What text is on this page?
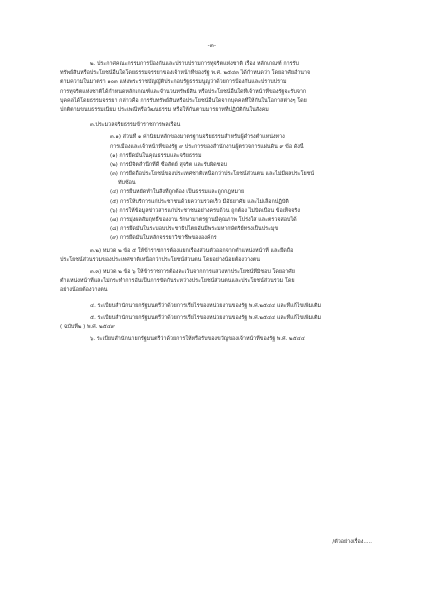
-๓-
๒. ประกาศคณะกรรมการป้องกันและปราบปรามการทุจริตแห่งชาติ เรื่อง หลักเกณฑ์ การรับ
ทรัพย์สินหรือประโยชน์อื่นใดโดยธรรมจรรยาของเจ้าหน้าที่ของรัฐ พ.ศ. ๒๕๔๓ ได้กำหนดว่า โดยอาศัยอำนาจ
ตามความในมาตรา ๑๐๓ แห่งพระราชบัญญัติประกอบรัฐธรรมนูญว่าด้วยการป้องกันและปราบปราม
การทุจริตแห่งชาติได้กำหนดหลักเกณฑ์และจำนวนทรัพย์สิน หรือประโยชน์อื่นใดที่เจ้าหน้าที่ของรัฐจะรับจาก
บุคคลได้โดยธรรมจรรยา กล่าวคือ การรับทรัพย์สินหรือประโยชน์อื่นใดจากบุคคลที่ให้กันในโอกาสต่างๆ โดย
ปกติตามขนบธรรมเนียม ประเพณีหรือวัฒนธรรม หรือให้กันตามมารยาทที่ปฏิบัติกันในสังคม
๓.ประมวลจริยธรรมข้าราชการพลเรือน
๓.๑) ส่วนที่ ๑ ค่านิยมหลักของมาตรฐานจริยธรรมสำหรับผู้ดำรงตำแหน่งทาง
การเมืองและเจ้าหน้าที่ของรัฐ ๙ ประการของสำนักงานผู้ตรวจการแผ่นดิน ๙ ข้อ ดังนี้
(๑) การยึดมั่นในคุณธรรมและจริยธรรม
(๒) การมีจิตสำนึกที่ดี ซื่อสัตย์ สุจริต และรับผิดชอบ
(๓) การยึดถือประโยชน์ของประเทศชาติเหนือกว่าประโยชน์ส่วนตน และไม่มีผลประโยชน์
ทับซ้อน
(๔) การยืนหยัดทำในสิ่งที่ถูกต้อง เป็นธรรมและถูกกฎหมาย
(๕) การให้บริการแก่ประชาชนด้วยความรวดเร็ว มีอัธยาศัย และไม่เลือกปฏิบัติ
(๖) การให้ข้อมูลข่าวสารแก่ประชาชนอย่างครบถ้วน ถูกต้อง ไม่บิดเบือน ข้อเท็จจริง
(๗) การมุ่งผลสัมฤทธิ์ของงาน รักษามาตรฐานมีคุณภาพ โปร่งใส และตรวจสอบได้
(๘) การยึดมั่นในระบอบประชาธิปไตยอันมีพระมหากษัตริย์ทรงเป็นประมุข
(๙) การยึดมั่นในหลักจรรยาวิชาชีพขององค์กร
๓.๒) หมวด ๒ ข้อ ๕ ให้ข้าราชการต้องแยกเรื่องส่วนตัวออกจากตำแหน่งหน้าที่ และยึดถือ
ประโยชน์ส่วนรวมของประเทศชาติเหนือกว่าประโยชน์ส่วนตน โดยอย่างน้อยต้องวางตน
๓.๓) หมวด ๒ ข้อ ๖ ให้ข้าราชการต้องละเว้นจากการแสวงหาประโยชน์ที่มิชอบ โดยอาศัย
ตำแหน่งหน้าที่และไม่กระทำการอันเป็นการขัดกันระหว่างประโยชน์ส่วนตนและประโยชน์ส่วนรวม โดย
อย่างน้อยต้องวางตน
๔. ระเบียบสำนักนายกรัฐมนตรีว่าด้วยการเรี่ยไรของหน่วยงานของรัฐ พ.ศ.๒๕๔๔ และที่แก้ไขเพิ่มเติม
๕. ระเบียบสำนักนายกรัฐมนตรีว่าด้วยการเรี่ยไรของหน่วยงานของรัฐ พ.ศ.๒๕๔๔ และที่แก้ไขเพิ่มเติม
( ฉบับที่๒ ) พ.ศ. ๒๕๔๙
๖. ระเบียบสำนักนายกรัฐมนตรีว่าด้วยการให้หรือรับของขวัญของเจ้าหน้าที่ของรัฐ พ.ศ. ๒๕๔๔
/ตัวอย่างเรื่อง.....
